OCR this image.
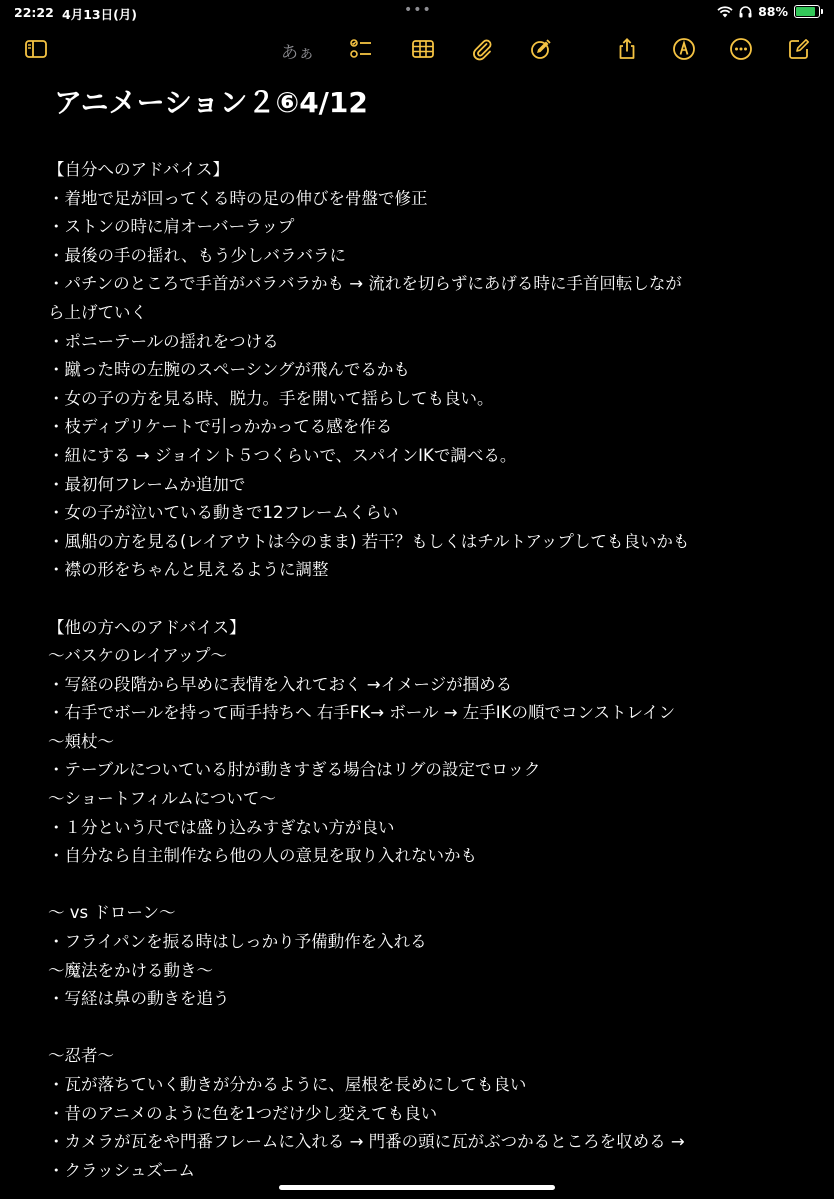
22:22 4月13日(月)	•••	88%
あぁ
アニメーション２⑥4/12
【自分へのアドバイス】
・着地で足が回ってくる時の足の伸びを骨盤で修正
・ストンの時に肩オーバーラップ
・最後の手の揺れ、もう少しバラバラに
・パチンのところで手首がバラバラかも → 流れを切らずにあげる時に手首回転しなが
ら上げていく
・ポニーテールの揺れをつける
・蹴った時の左腕のスペーシングが飛んでるかも
・女の子の方を見る時、脱力。手を開いて揺らしても良い。
・枝ディプリケートで引っかかってる感を作る
・紐にする → ジョイント５つくらいで、スパインIKで調べる。
・最初何フレームか追加で
・女の子が泣いている動きで12フレームくらい
・風船の方を見る(レイアウトは今のまま) 若干？もしくはチルトアップしても良いかも
・襟の形をちゃんと見えるように調整
【他の方へのアドバイス】
〜バスケのレイアップ〜
・写経の段階から早めに表情を入れておく →イメージが掴める
・右手でボールを持って両手持ちへ 右手FK→ ボール → 左手IKの順でコンストレイン
〜頬杖〜
・テーブルについている肘が動きすぎる場合はリグの設定でロック
〜ショートフィルムについて〜
・１分という尺では盛り込みすぎない方が良い
・自分なら自主制作なら他の人の意見を取り入れないかも
〜 vs ドローン〜
・フライパンを振る時はしっかり予備動作を入れる
〜魔法をかける動き〜
・写経は鼻の動きを追う
〜忍者〜
・瓦が落ちていく動きが分かるように、屋根を長めにしても良い
・昔のアニメのように色を1つだけ少し変えても良い
・カメラが瓦をや門番フレームに入れる → 門番の頭に瓦がぶつかるところを収める →
・クラッシュズーム
